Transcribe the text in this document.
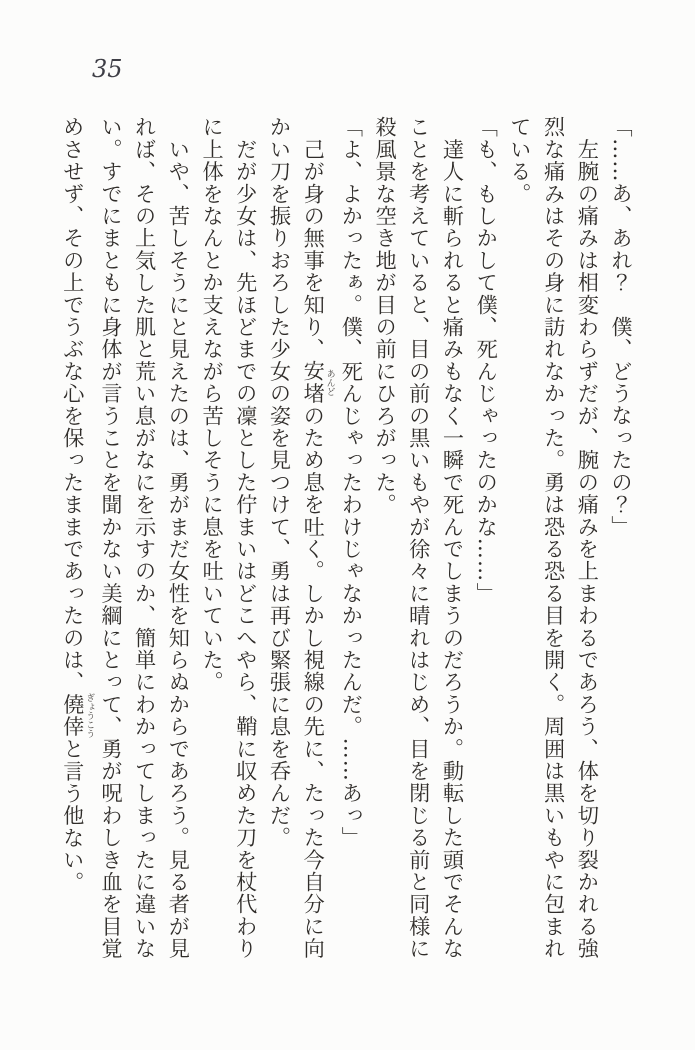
35
「……あ、あれ？　僕、どうなったの？」
　左腕の痛みは相変わらずだが、腕の痛みを上まわるであろう、体を切り裂かれる強
烈な痛みはその身に訪れなかった。勇は恐る恐る目を開く。周囲は黒いもやに包まれ
ている。
「も、もしかして僕、死んじゃったのかな……」
　達人に斬られると痛みもなく一瞬で死んでしまうのだろうか。動転した頭でそんな
ことを考えていると、目の前の黒いもやが徐々に晴れはじめ、目を閉じる前と同様に
殺風景な空き地が目の前にひろがった。
「よ、よかったぁ。僕、死んじゃったわけじゃなかったんだ。……あっ」
　己が身の無事を知り、安堵あんどのため息を吐く。しかし視線の先に、たった今自分に向
かい刀を振りおろした少女の姿を見つけて、勇は再び緊張に息を呑んだ。
　だが少女は、先ほどまでの凜とした佇まいはどこへやら、鞘に収めた刀を杖代わり
に上体をなんとか支えながら苦しそうに息を吐いていた。
　いや、苦しそうにと見えたのは、勇がまだ女性を知らぬからであろう。見る者が見
れば、その上気した肌と荒い息がなにを示すのか、簡単にわかってしまったに違いな
い。すでにまともに身体が言うことを聞かない美綱にとって、勇が呪わしき血を目覚
めさせず、その上でうぶな心を保ったままであったのは、僥倖ぎょうこうと言う他ない。
